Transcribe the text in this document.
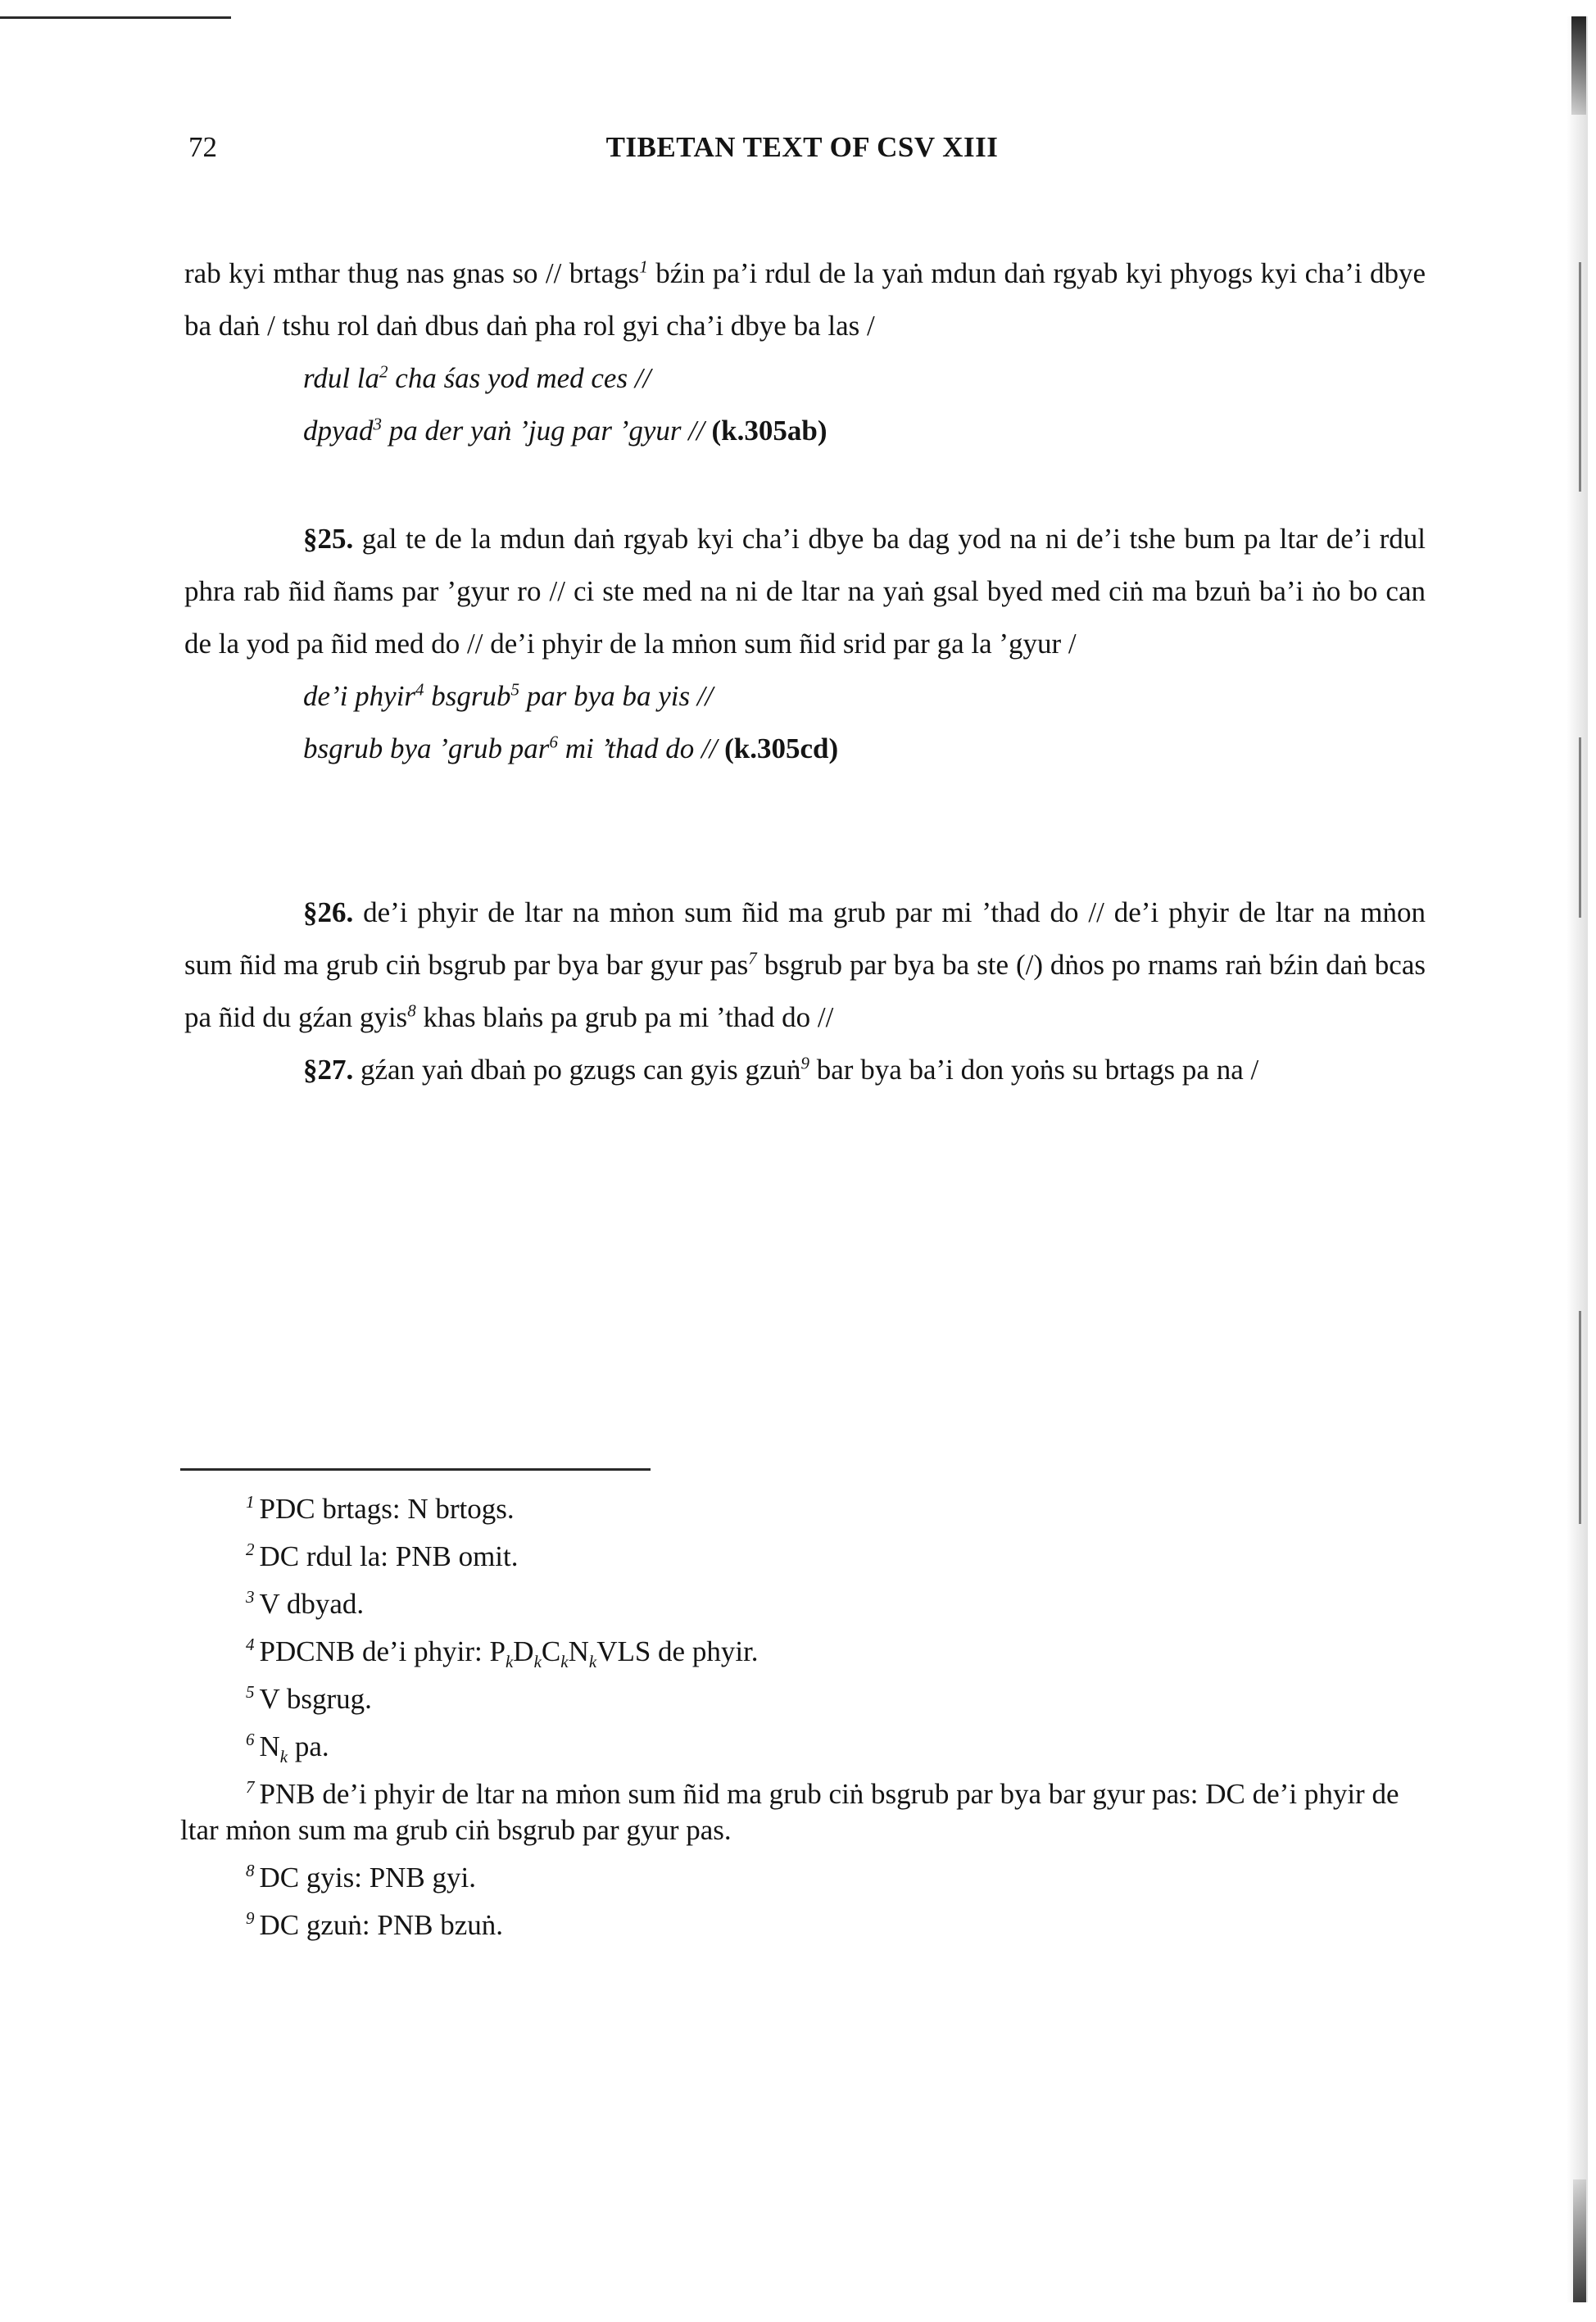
72	TIBETAN TEXT OF CSV XIII

rab kyi mthar thug nas gnas so // brtags$^1$ bźin pa’i rdul de la yaṅ mdun daṅ rgyab kyi phyogs kyi cha’i dbye ba daṅ / tshu rol daṅ dbus daṅ pha rol gyi cha’i dbye ba las /

rdul $la^2$ cha śas yod med ces //

dpyad$^3$ pa der yaṅ ’jug par ’gyur // (k.305ab)

§25. gal te de la mdun daṅ rgyab kyi cha’i dbye ba dag yod na ni de’i tshe bum pa ltar de’i rdul phra rab ñid ñams par ’gyur ro // ci ste med na ni de ltar na yaṅ gsal byed med ciṅ ma bzuṅ ba’i ṅo bo can de la yod pa ñid med do // de’i phyir de la mṅon sum ñid srid par ga la ’gyur /

de’i phyir$^4$ bsgrub$^5$ par bya ba yis //

bsgrub bya ’grub par$^6$ mi ’thad do // (k.305cd)

§26. de’i phyir de ltar na mṅon sum ñid ma grub par mi ’thad do // de’i phyir de ltar na mṅon sum ñid ma grub ciṅ bsgrub par bya bar gyur pas$^7$ bsgrub par bya ba ste (/) dṅos po rnams raṅ bźin daṅ bcas pa ñid du gźan gyis$^8$ khas blaṅs pa grub pa mi ’thad do //

§27. gźan yaṅ dbaṅ po gzugs can gyis gzuṅ$^9$ bar bya ba’i don yoṅs su brtags pa na /

$^1$ PDC brtags: N brtogs.

$^2$ DC rdul la: PNB omit.

$^3$ V dbyad.

$^4$ PDCNB de’i phyir: $P_kD_kC_kN_kVLS$ de phyir.

$^5$ V bsgrug.

$^6$ $N_k$ pa.

$^7$ PNB de’i phyir de ltar na mṅon sum ñid ma grub ciṅ bsgrub par bya bar gyur pas: DC de’i phyir de ltar mṅon sum ma grub ciṅ bsgrub par gyur pas.

$^8$ DC gyis: PNB gyi.

$^9$ DC gzuṅ: PNB bzuṅ.
